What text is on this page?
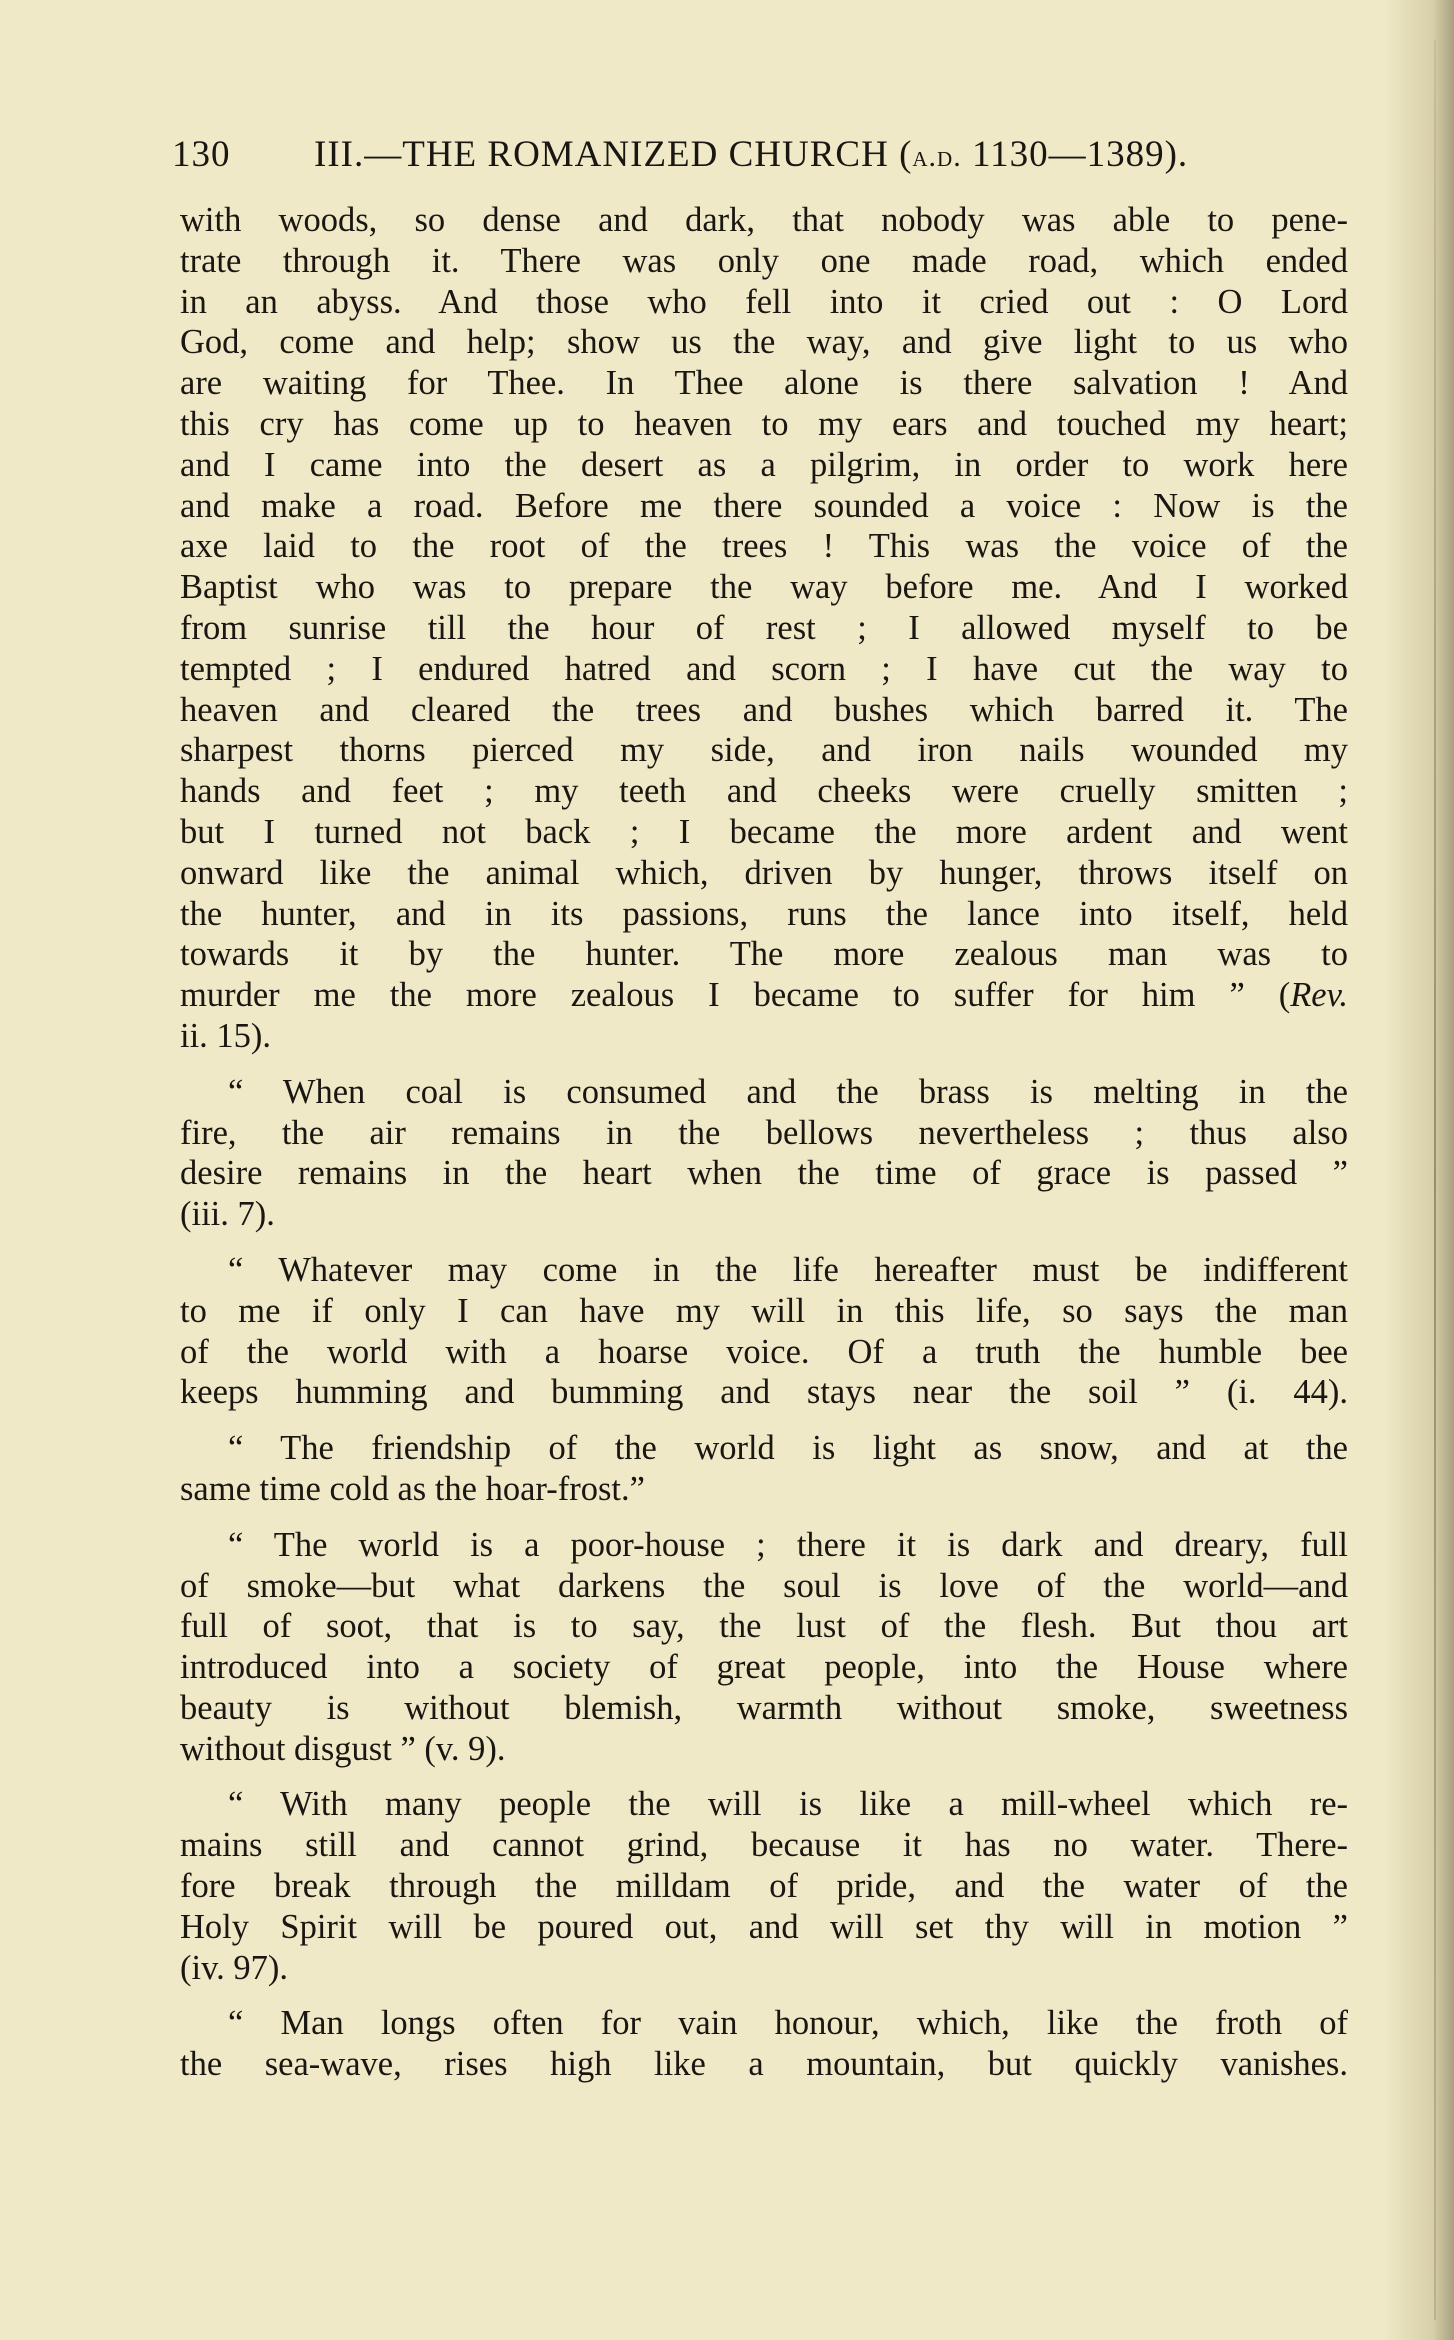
130 III.—THE ROMANIZED CHURCH (a.d. 1130—1389).

with woods, so dense and dark, that nobody was able to pene-
trate through it. There was only one made road, which ended
in an abyss. And those who fell into it cried out : O Lord
God, come and help; show us the way, and give light to us who
are waiting for Thee. In Thee alone is there salvation ! And
this cry has come up to heaven to my ears and touched my heart;
and I came into the desert as a pilgrim, in order to work here
and make a road. Before me there sounded a voice : Now is the
axe laid to the root of the trees ! This was the voice of the
Baptist who was to prepare the way before me. And I worked
from sunrise till the hour of rest ; I allowed myself to be
tempted ; I endured hatred and scorn ; I have cut the way to
heaven and cleared the trees and bushes which barred it. The
sharpest thorns pierced my side, and iron nails wounded my
hands and feet ; my teeth and cheeks were cruelly smitten ;
but I turned not back ; I became the more ardent and went
onward like the animal which, driven by hunger, throws itself on
the hunter, and in its passions, runs the lance into itself, held
towards it by the hunter. The more zealous man was to
murder me the more zealous I became to suffer for him ” (Rev.
ii. 15).

“ When coal is consumed and the brass is melting in the
fire, the air remains in the bellows nevertheless ; thus also
desire remains in the heart when the time of grace is passed ”
(iii. 7).

“ Whatever may come in the life hereafter must be indifferent
to me if only I can have my will in this life, so says the man
of the world with a hoarse voice. Of a truth the humble bee
keeps humming and bumming and stays near the soil ” (i. 44).

“ The friendship of the world is light as snow, and at the
same time cold as the hoar-frost.”

“ The world is a poor-house ; there it is dark and dreary, full
of smoke—but what darkens the soul is love of the world—and
full of soot, that is to say, the lust of the flesh. But thou art
introduced into a society of great people, into the House where
beauty is without blemish, warmth without smoke, sweetness
without disgust ” (v. 9).

“ With many people the will is like a mill-wheel which re-
mains still and cannot grind, because it has no water. There-
fore break through the milldam of pride, and the water of the
Holy Spirit will be poured out, and will set thy will in motion ”
(iv. 97).

“ Man longs often for vain honour, which, like the froth of
the sea-wave, rises high like a mountain, but quickly vanishes.
